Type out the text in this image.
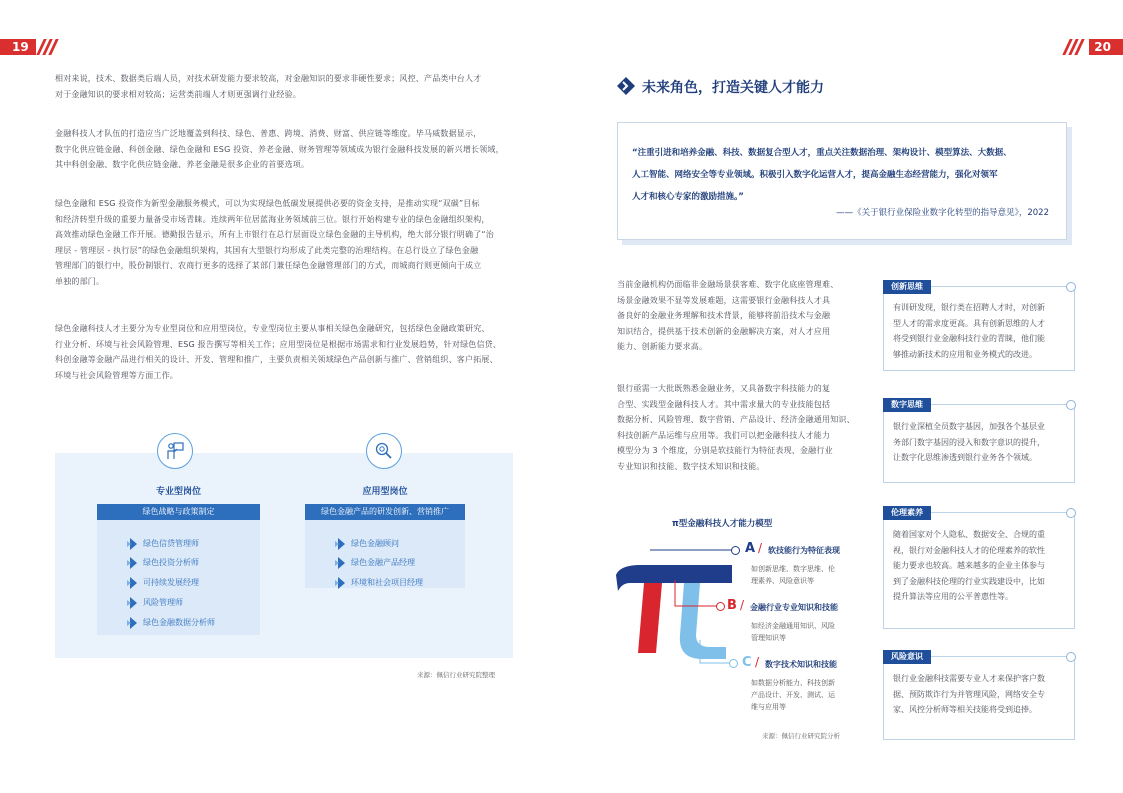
19	20
相对来说，技术、数据类后端人员，对技术研发能力要求较高，对金融知识的要求非硬性要求；风控、产品类中台人才
对于金融知识的要求相对较高；运营类前端人才则更强调行业经验。
金融科技人才队伍的打造应当广泛地覆盖到科技、绿色、普惠、跨境、消费、财富、供应链等维度。毕马威数据显示，
数字化供应链金融、科创金融、绿色金融和 ESG 投资、养老金融、财务管理等领域成为银行金融科技发展的新兴增长领域，
其中科创金融、数字化供应链金融、养老金融是很多企业的首要选项。
绿色金融和 ESG 投资作为新型金融服务模式，可以为实现绿色低碳发展提供必要的资金支持，是推动实现“双碳”目标
和经济转型升级的重要力量备受市场青睐。连续两年位居蓝海业务领域前三位。银行开始构建专业的绿色金融组织架构，
高效推动绿色金融工作开展。德勤报告显示，所有上市银行在总行层面设立绿色金融的主导机构，绝大部分银行明确了“治
理层 - 管理层 - 执行层”的绿色金融组织架构，其国有大型银行均形成了此类完整的治理结构。在总行设立了绿色金融
管理部门的银行中，股份制银行、农商行更多的选择了某部门兼任绿色金融管理部门的方式，而城商行则更倾向于成立
单独的部门。
绿色金融科技人才主要分为专业型岗位和应用型岗位，专业型岗位主要从事相关绿色金融研究，包括绿色金融政策研究、
行业分析、环境与社会风险管理、ESG 报告撰写等相关工作；应用型岗位是根据市场需求和行业发展趋势，针对绿色信贷、
科创金融等金融产品进行相关的设计、开发、管理和推广，主要负责相关领域绿色产品创新与推广、营销组织、客户拓展、
环境与社会风险管理等方面工作。
专业型岗位	应用型岗位
绿色战略与政策制定	绿色金融产品的研发创新、营销推广
绿色信贷管理师
绿色投资分析师
可持续发展经理
风险管理师
绿色金融数据分析师
绿色金融顾问
绿色金融产品经理
环境和社会项目经理
来源：佩信行业研究院整理
未来角色，打造关键人才能力
“注重引进和培养金融、科技、数据复合型人才，重点关注数据治理、架构设计、模型算法、大数据、
人工智能、网络安全等专业领域。积极引入数字化运营人才，提高金融生态经营能力，强化对领军
人才和核心专家的激励措施。”
——《关于银行业保险业数字化转型的指导意见》，2022
当前金融机构仍面临非金融场景获客难、数字化底座管理难、
场景金融效果不显等发展难题，这需要银行金融科技人才具
备良好的金融业务理解和技术背景，能够将前沿技术与金融
知识结合，提供基于技术创新的金融解决方案，对人才应用
能力、创新能力要求高。
银行亟需一大批既熟悉金融业务，又具备数字科技能力的复
合型、实践型金融科技人才。其中需求量大的专业技能包括
数据分析、风险管理、数字营销、产品设计、经济金融通用知识、
科技创新产品运维与应用等。我们可以把金融科技人才能力
模型分为 3 个维度，分别是软技能行为特征表现、金融行业
专业知识和技能、数字技术知识和技能。
π型金融科技人才能力模型
A / 软技能行为特征表现
如创新思维、数字思维、伦
理素养、风险意识等
B / 金融行业专业知识和技能
如经济金融通用知识、风险
管理知识等
C / 数字技术知识和技能
如数据分析能力、科技创新
产品设计、开发、测试、运
维与应用等
来源：佩信行业研究院分析
创新思维
有训研发现，银行类在招聘人才时，对创新
型人才的需求度更高。具有创新思维的人才
将受到银行业金融科技行业的青睐，他们能
够推动新技术的应用和业务模式的改进。
数字思维
银行业深植全员数字基因，加强各个基层业
务部门数字基因的浸入和数字意识的提升，
让数字化思维渗透到银行业务各个领域。
伦理素养
随着国家对个人隐私、数据安全、合规的重
视，银行对金融科技人才的伦理素养的软性
能力要求也较高。越来越多的企业主体参与
到了金融科技伦理的行业实践建设中，比如
提升算法等应用的公平普惠性等。
风险意识
银行业金融科技需要专业人才来保护客户数
据、预防欺诈行为并管理风险，网络安全专
家、风控分析师等相关技能将受到追捧。
